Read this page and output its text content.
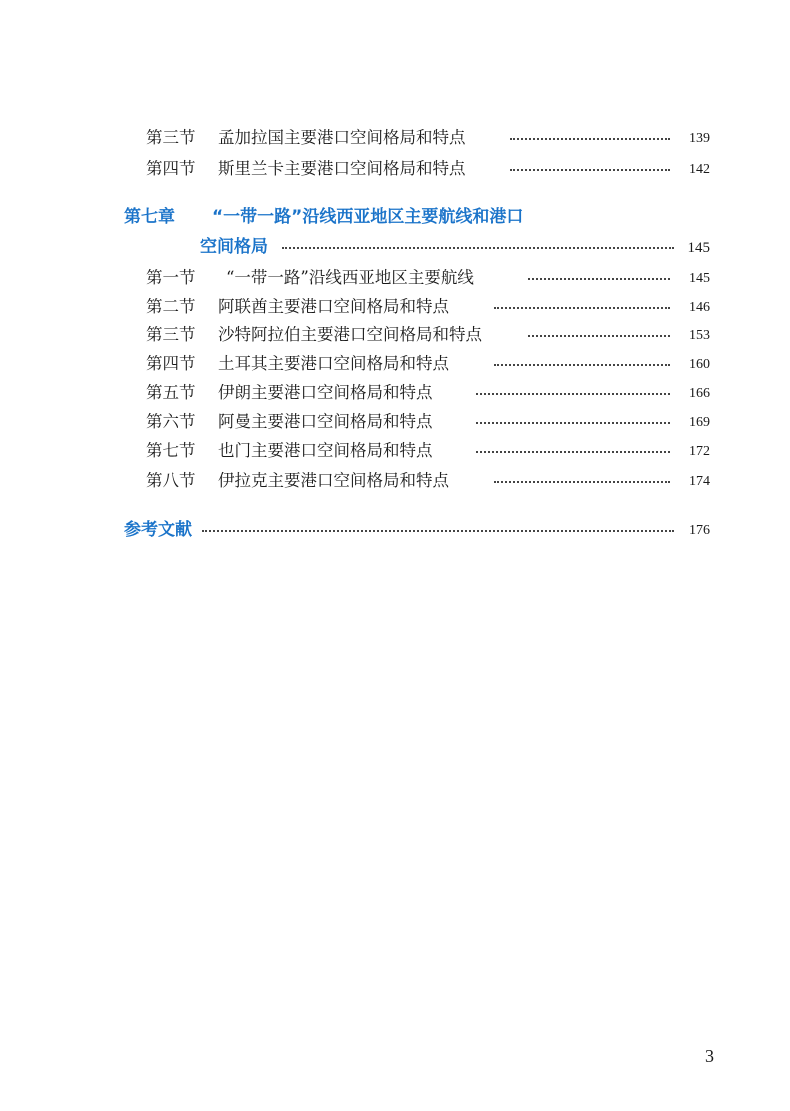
第三节 孟加拉国主要港口空间格局和特点	139
第四节 斯里兰卡主要港口空间格局和特点	142
第七章 “一带一路”沿线西亚地区主要航线和港口
空间格局	145
第一节 “一带一路”沿线西亚地区主要航线	145
第二节 阿联酋主要港口空间格局和特点	146
第三节 沙特阿拉伯主要港口空间格局和特点	153
第四节 土耳其主要港口空间格局和特点	160
第五节 伊朗主要港口空间格局和特点	166
第六节 阿曼主要港口空间格局和特点	169
第七节 也门主要港口空间格局和特点	172
第八节 伊拉克主要港口空间格局和特点	174
参考文献	176
3
